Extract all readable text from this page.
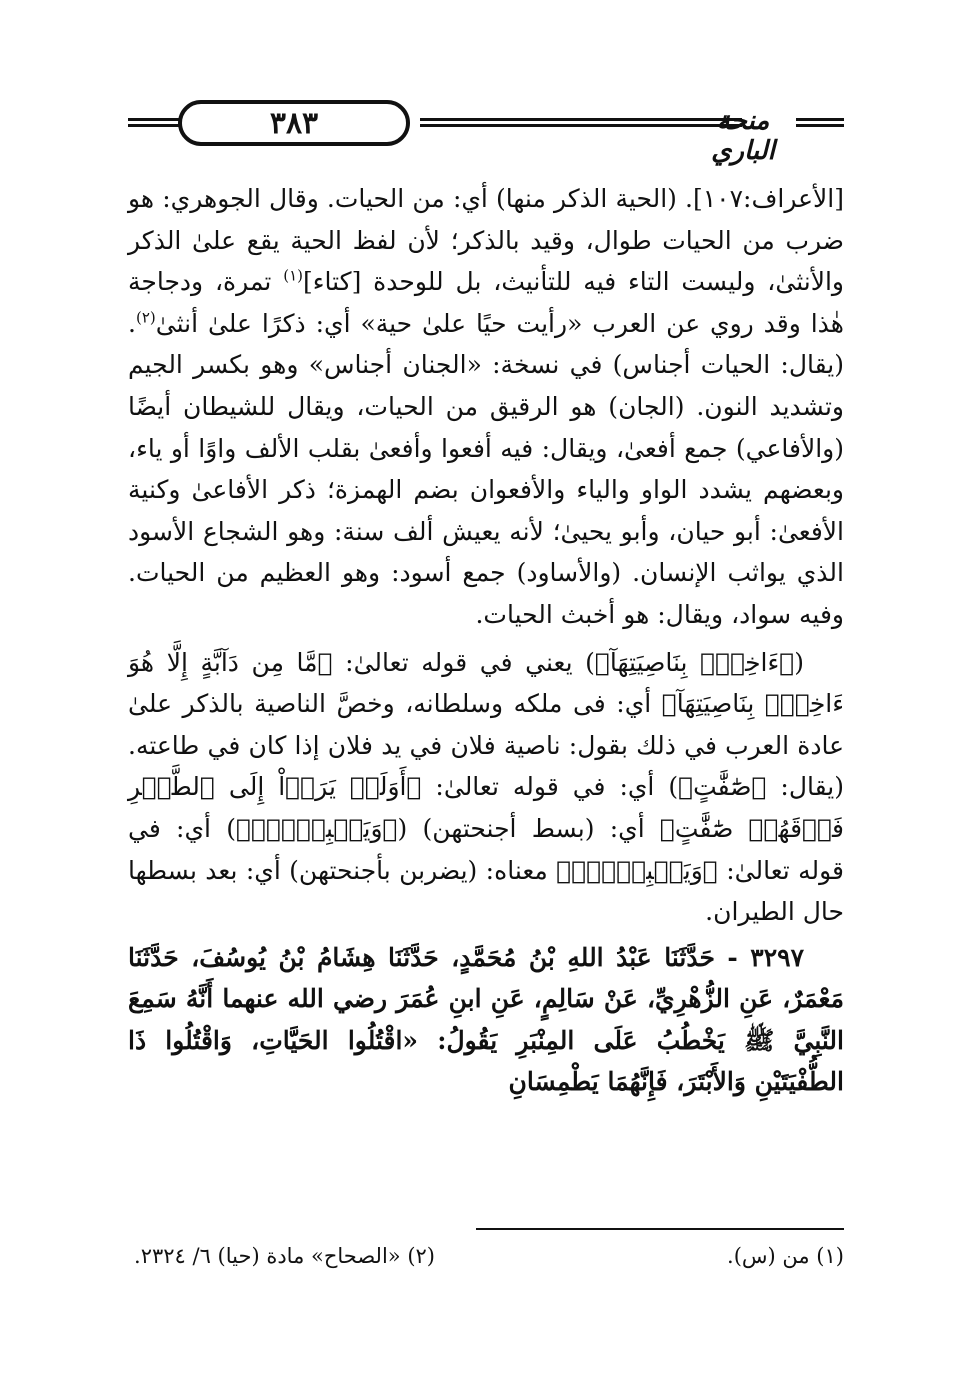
٣٨٣	منحة الباري

[الأعراف:١٠٧]. (الحية الذكر منها) أي: من الحيات. وقال الجوهري: هو ضرب من الحيات طوال، وقيد بالذكر؛ لأن لفظ الحية يقع علىٰ الذكر والأنثىٰ، وليست التاء فيه للتأنيث، بل للوحدة [كتاء]$^{(١)}$ تمرة، ودجاجة هٰذا وقد روي عن العرب «رأيت حيًا علىٰ حية» أي: ذكرًا علىٰ أنثىٰ$^{(٢)}$. (يقال: الحيات أجناس) في نسخة: «الجنان أجناس» وهو بكسر الجيم وتشديد النون. (الجان) هو الرقيق من الحيات، ويقال للشيطان أيضًا (والأفاعي) جمع أفعىٰ، ويقال: فيه أفعوا وأفعىٰ بقلب الألف واوًا أو ياء، وبعضهم يشدد الواو والياء والأفعوان بضم الهمزة؛ ذكر الأفاعىٰ وكنية الأفعىٰ: أبو حيان، وأبو يحيىٰ؛ لأنه يعيش ألف سنة: وهو الشجاع الأسود الذي يواثب الإنسان. (والأساود) جمع أسود: وهو العظيم من الحيات. وفيه سواد، ويقال: هو أخبث الحيات.

(﴿ءَاخِذُۢ بِنَاصِيَتِهَآ﴾) يعني في قوله تعالىٰ: ﴿مَّا مِن دَآبَّةٍ إِلَّا هُوَ ءَاخِذُۢ بِنَاصِيَتِهَآ﴾ أي: فى ملكه وسلطانه، وخصَّ الناصية بالذكر علىٰ عادة العرب في ذلك بقول: ناصية فلان في يد فلان إذا كان في طاعته. (يقال: ﴿صَٰٓفَّٰتٍ﴾) أي: في قوله تعالىٰ: ﴿أَوَلَمۡ يَرَوۡاْ إِلَى ٱلطَّيۡرِ فَوۡقَهُمۡ صَٰٓفَّٰتٍ﴾ أي: (بسط أجنحتهن) (﴿وَيَقۡبِضۡنَۚ﴾) أي: في قوله تعالىٰ: ﴿وَيَقۡبِضۡنَۚ﴾ معناه: (يضربن بأجنحتهن) أي: بعد بسطها حال الطيران.

٣٢٩٧ - حَدَّثَنَا عَبْدُ اللهِ بْنُ مُحَمَّدٍ، حَدَّثَنَا هِشَامُ بْنُ يُوسُفَ، حَدَّثَنَا مَعْمَرٌ، عَنِ الزُّهْرِيِّ، عَنْ سَالِمٍ، عَنِ ابنِ عُمَرَ رضي الله عنهما أَنَّهُ سَمِعَ النَّبِيَّ ﷺ يَخْطُبُ عَلَى المِنْبَرِ يَقُولُ: «اقْتُلُوا الحَيَّاتِ، وَاقْتُلُوا ذَا الطُّفْيَتَيْنِ وَالأَبْتَرَ، فَإِنَّهُمَا يَطْمِسَانِ

(١) من (س).
(٢) «الصحاح» مادة (حيا) ٦/ ٢٣٢٤.
